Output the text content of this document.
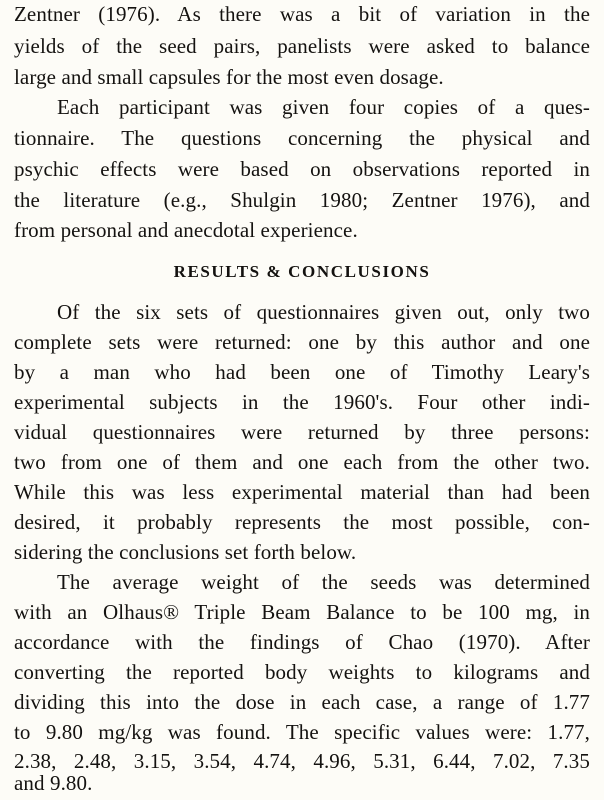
Zentner (1976). As there was a bit of variation in the
yields of the seed pairs, panelists were asked to balance
large and small capsules for the most even dosage.
Each participant was given four copies of a ques-
tionnaire. The questions concerning the physical and
psychic effects were based on observations reported in
the literature (e.g., Shulgin 1980; Zentner 1976), and
from personal and anecdotal experience.
RESULTS & CONCLUSIONS
Of the six sets of questionnaires given out, only two
complete sets were returned: one by this author and one
by a man who had been one of Timothy Leary's
experimental subjects in the 1960's. Four other indi-
vidual questionnaires were returned by three persons:
two from one of them and one each from the other two.
While this was less experimental material than had been
desired, it probably represents the most possible, con-
sidering the conclusions set forth below.
The average weight of the seeds was determined
with an Olhaus® Triple Beam Balance to be 100 mg, in
accordance with the findings of Chao (1970). After
converting the reported body weights to kilograms and
dividing this into the dose in each case, a range of 1.77
to 9.80 mg/kg was found. The specific values were: 1.77,
2.38, 2.48, 3.15, 3.54, 4.74, 4.96, 5.31, 6.44, 7.02, 7.35
and 9.80.
